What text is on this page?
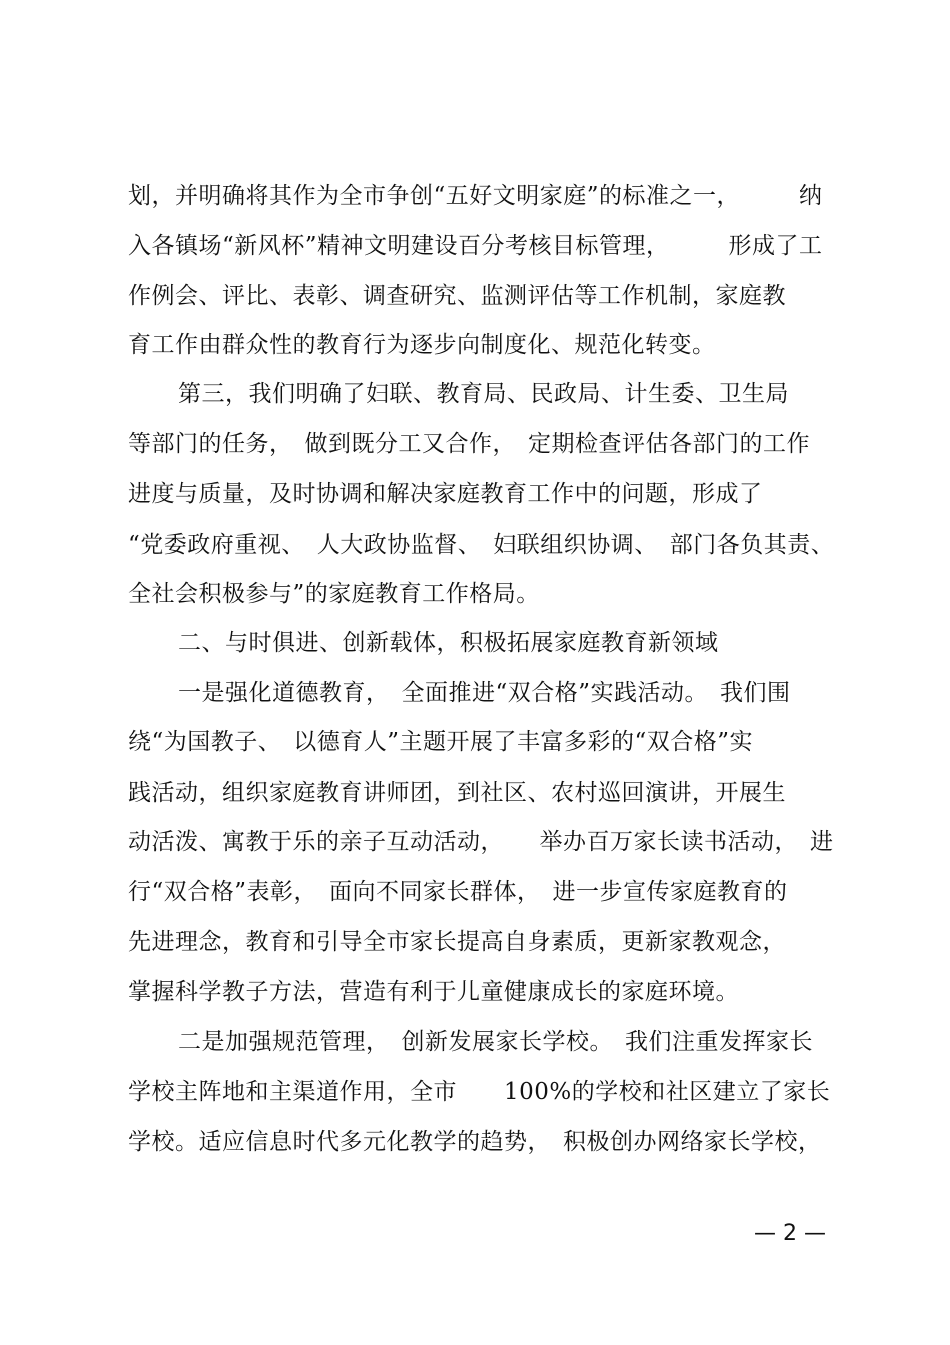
划，并明确将其作为全市争创“五好文明家庭”的标准之一，　　　纳
入各镇场“新风杯”精神文明建设百分考核目标管理，　　　形成了工
作例会、评比、表彰、调查研究、监测评估等工作机制，家庭教
育工作由群众性的教育行为逐步向制度化、规范化转变。
第三，我们明确了妇联、教育局、民政局、计生委、卫生局
等部门的任务，　做到既分工又合作，　定期检查评估各部门的工作
进度与质量，及时协调和解决家庭教育工作中的问题，形成了
“党委政府重视、　人大政协监督、　妇联组织协调、　部门各负其责、
全社会积极参与”的家庭教育工作格局。
二、与时俱进、创新载体，积极拓展家庭教育新领域
一是强化道德教育，　全面推进“双合格”实践活动。　我们围
绕“为国教子、　以德育人”主题开展了丰富多彩的“双合格”实
践活动，组织家庭教育讲师团，到社区、农村巡回演讲，开展生
动活泼、寓教于乐的亲子互动活动，　　举办百万家长读书活动，　进
行“双合格”表彰，　面向不同家长群体，　进一步宣传家庭教育的
先进理念，教育和引导全市家长提高自身素质，更新家教观念，
掌握科学教子方法，营造有利于儿童健康成长的家庭环境。
二是加强规范管理，　创新发展家长学校。　我们注重发挥家长
学校主阵地和主渠道作用，全市　　100%的学校和社区建立了家长
学校。适应信息时代多元化教学的趋势，　积极创办网络家长学校，
— 2 —
